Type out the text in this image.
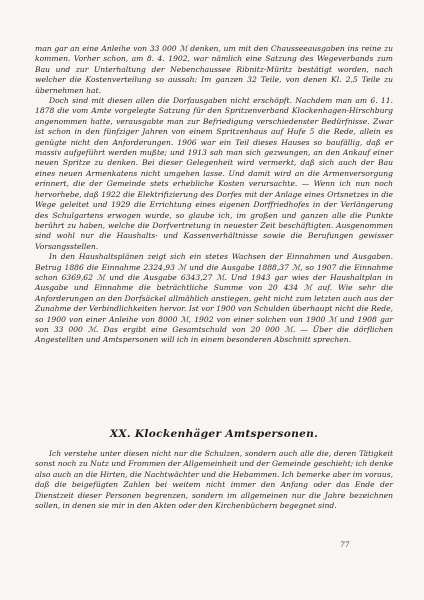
man gar an eine Anleihe von 33 000 ℳ denken, um mit den Chausseeausgaben ins reine zu kommen. Vorher schon, am 8. 4. 1902, war nämlich eine Satzung des Wegeverbands zum Bau und zur Unterhaltung der Nebenchaussee Ribnitz-Müritz bestätigt worden, nach welcher die Kostenverteilung so aussah: Im ganzen 32 Teile, von denen Kl. 2,5 Teile zu übernehmen hat.

Doch sind mit diesen allen die Dorfausgaben nicht erschöpft. Nachdem man am 6. 11. 1878 die vom Amte vorgelegte Satzung für den Spritzenverband Klockenhagen-Hirschburg angenommen hatte, verausgabte man zur Befriedigung verschiedenster Bedürfnisse. Zwar ist schon in den fünfziger Jahren von einem Spritzenhaus auf Hufe 5 die Rede, allein es genügte nicht den Anforderungen. 1906 war ein Teil dieses Hauses so baufällig, daß er massiv aufgeführt werden mußte; und 1913 sah man sich gezwungen, an den Ankauf einer neuen Spritze zu denken. Bei dieser Gelegenheit wird vermerkt, daß sich auch der Bau eines neuen Armenkatens nicht umgehen lasse. Und damit wird an die Armenversorgung erinnert, die der Gemeinde stets erhebliche Kosten verursachte. — Wenn ich nun noch hervorhebe, daß 1922 die Elektrifizierung des Dorfes mit der Anlage eines Ortsnetzes in die Wege geleitet und 1929 die Errichtung eines eigenen Dorffriedhofes in der Verlängerung des Schulgartens erwogen wurde, so glaube ich, im großen und ganzen alle die Punkte berührt zu haben, welche die Dorfvertretung in neuester Zeit beschäftigten. Ausgenommen sind wohl nur die Haushalts- und Kassenverhältnisse sowie die Berufungen gewisser Vorsangsstellen.

In den Haushaltsplänen zeigt sich ein stetes Wachsen der Einnahmen und Ausgaben. Betrug 1886 die Einnahme 2324,93 ℳ und die Ausgabe 1888,37 ℳ, so 1907 die Einnahme schon 6369,62 ℳ und die Ausgabe 6343,27 ℳ. Und 1943 gar wies der Haushaltplan in Ausgabe und Einnahme die beträchtliche Summe von 20 434 ℳ auf. Wie sehr die Anforderungen an den Dorfsäckel allmählich anstiegen, geht nicht zum letzten auch aus der Zunahme der Verbindlichkeiten hervor. Ist vor 1900 von Schulden überhaupt nicht die Rede, so 1900 von einer Anleihe von 8000 ℳ, 1902 von einer solchen von 1900 ℳ und 1908 gar von 33 000 ℳ. Das ergibt eine Gesamtschuld von 20 000 ℳ. — Über die dörflichen Angestellten und Amtspersonen will ich in einem besonderen Abschnitt sprechen.

XX. Klockenhäger Amtspersonen.

Ich verstehe unter diesen nicht nur die Schulzen, sondern auch alle die, deren Tätigkeit sonst noch zu Nutz und Frommen der Allgemeinheit und der Gemeinde geschieht; ich denke also auch an die Hirten, die Nachtwächter und die Hebammen. Ich bemerke aber im voraus, daß die beigefügten Zahlen bei weitem nicht immer den Anfang oder das Ende der Dienstzeit dieser Personen begrenzen, sondern im allgemeinen nur die Jahre bezeichnen sollen, in denen sie mir in den Akten oder den Kirchenbüchern begegnet sind.

77
